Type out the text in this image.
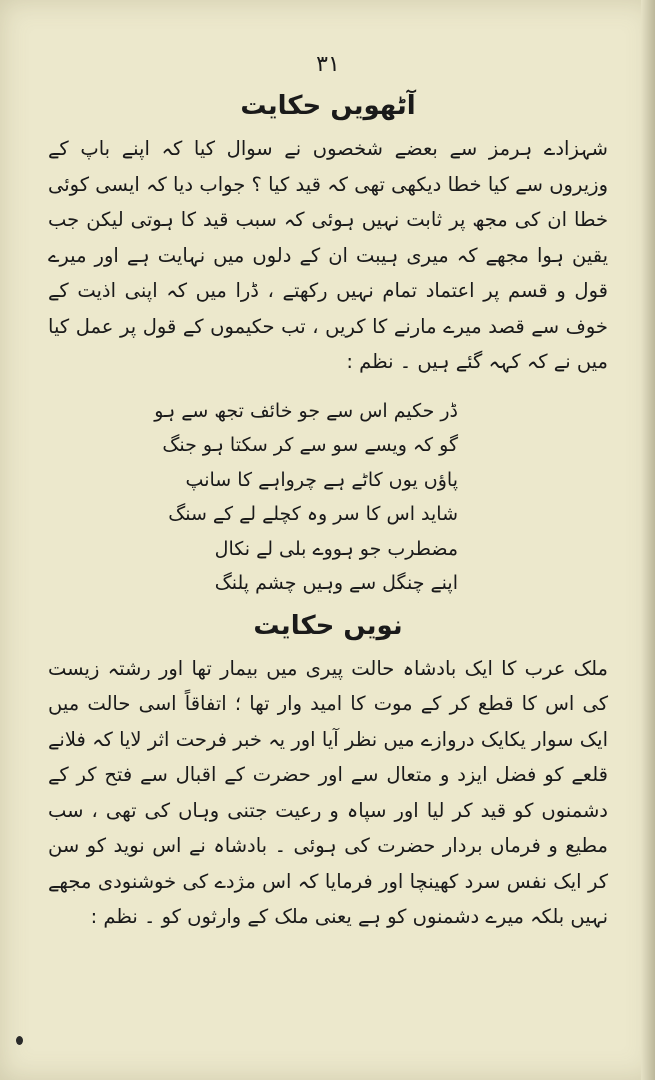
۳۱
آٹھویں حکایت

شہزادے ہرمز سے بعضے شخصوں نے سوال کیا کہ اپنے باپ کے وزیروں سے کیا خطا دیکھی تھی کہ قید کیا ؟ جواب دیا کہ ایسی کوئی خطا ان کی مجھ پر ثابت نہیں ہوئی کہ سبب قید کا ہوتی لیکن جب یقین ہوا مجھے کہ میری ہیبت ان کے دلوں میں نہایت ہے اور میرے قول و قسم پر اعتماد تمام نہیں رکھتے ، ڈرا میں کہ اپنی اذیت کے خوف سے قصد میرے مارنے کا کریں ، تب حکیموں کے قول پر عمل کیا میں نے کہ کہہ گئے ہیں ۔ نظم :

ڈر حکیم اس سے جو خائف تجھ سے ہو
گو کہ ویسے سو سے کر سکتا ہو جنگ
پاؤں یوں کاٹے ہے چرواہے کا سانپ
شاید اس کا سر وہ کچلے لے کے سنگ
مضطرب جو ہووے بلی لے نکال
اپنے چنگل سے وہیں چشم پلنگ
نویں حکایت

ملک عرب کا ایک بادشاہ حالت پیری میں بیمار تھا اور رشتہ زیست کی اس کا قطع کر کے موت کا امید وار تھا ؛ اتفاقاً اسی حالت میں ایک سوار یکایک دروازے میں نظر آیا اور یہ خبر فرحت اثر لایا کہ فلانے قلعے کو فضل ایزد و متعال سے اور حضرت کے اقبال سے فتح کر کے دشمنوں کو قید کر لیا اور سپاہ و رعیت جتنی وہاں کی تھی ، سب مطیع و فرماں بردار حضرت کی ہوئی ۔ بادشاہ نے اس نوید کو سن کر ایک نفس سرد کھینچا اور فرمایا کہ اس مژدے کی خوشنودی مجھے نہیں بلکہ میرے دشمنوں کو ہے یعنی ملک کے وارثوں کو ۔ نظم :
